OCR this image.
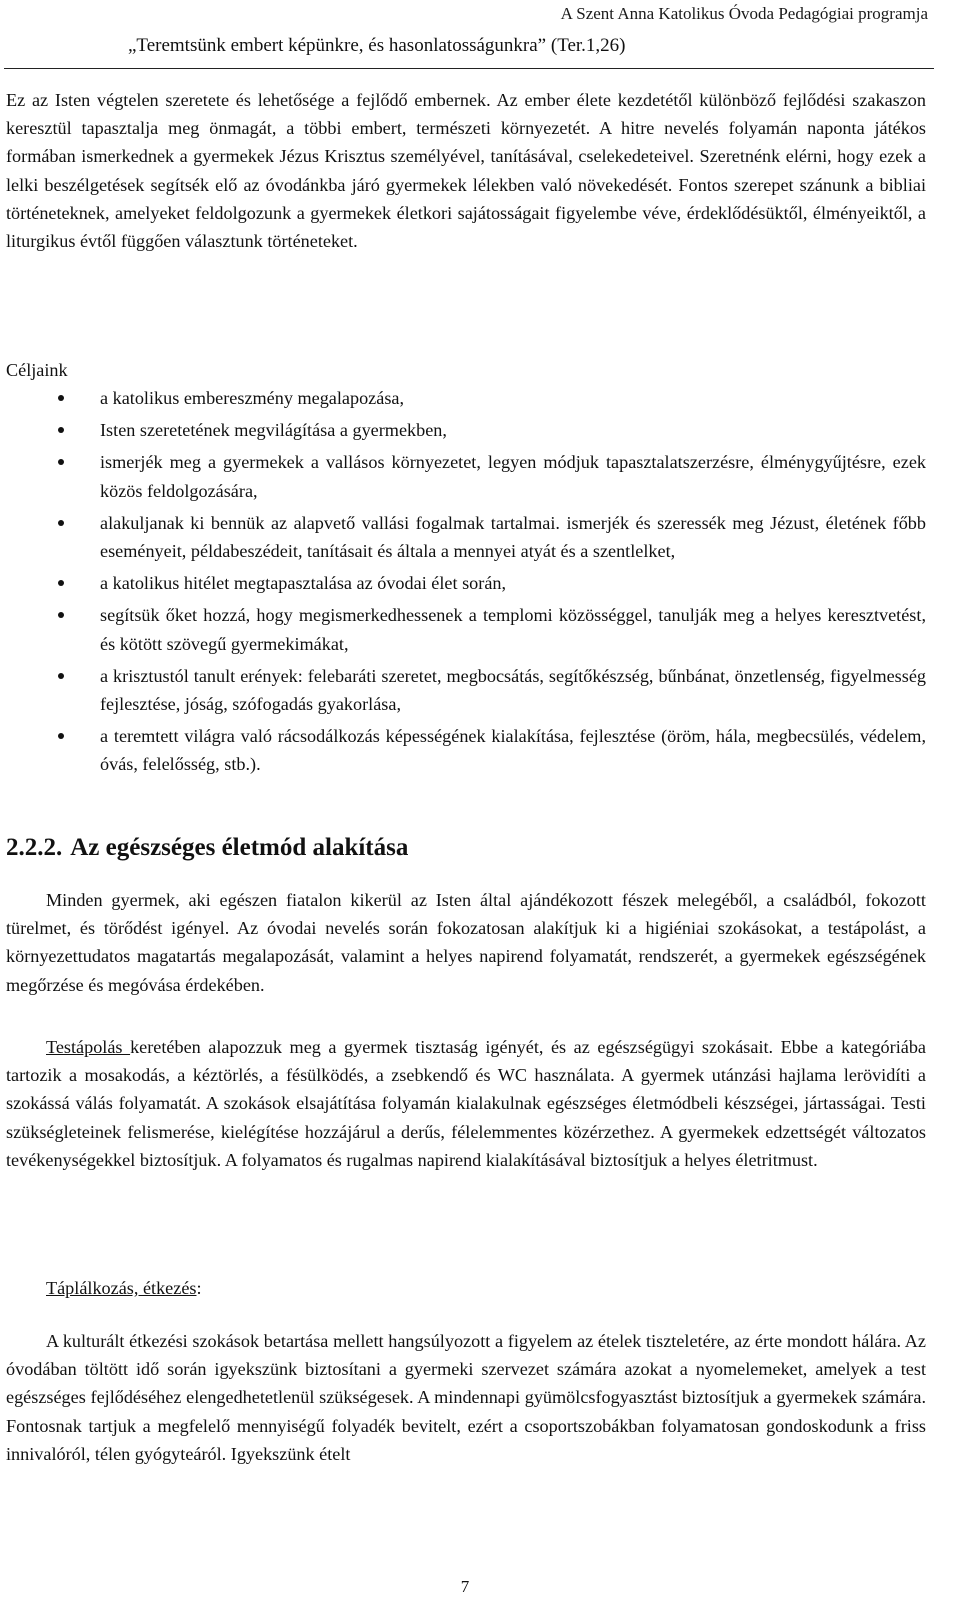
A Szent Anna Katolikus Óvoda Pedagógiai programja
„Teremtsünk embert képünkre, és hasonlatosságunkra” (Ter.1,26)

Ez az Isten végtelen szeretete és lehetősége a fejlődő embernek. Az ember élete kezdetétől különböző fejlődési szakaszon keresztül tapasztalja meg önmagát, a többi embert, természeti környezetét. A hitre nevelés folyamán naponta játékos formában ismerkednek a gyermekek Jézus Krisztus személyével, tanításával, cselekedeteivel. Szeretnénk elérni, hogy ezek a lelki beszélgetések segítsék elő az óvodánkba járó gyermekek lélekben való növekedését. Fontos szerepet szánunk a bibliai történeteknek, amelyeket feldolgozunk a gyermekek életkori sajátosságait figyelembe véve, érdeklődésüktől, élményeiktől, a liturgikus évtől függően választunk történeteket.

Céljaink
a katolikus embereszmény megalapozása,
Isten szeretetének megvilágítása a gyermekben,
ismerjék meg a gyermekek a vallásos környezetet, legyen módjuk tapasztalatszerzésre, élménygyűjtésre, ezek közös feldolgozására,
alakuljanak ki bennük az alapvető vallási fogalmak tartalmai. ismerjék és szeressék meg Jézust, életének főbb eseményeit, példabeszédeit, tanításait és általa a mennyei atyát és a szentlelket,
a katolikus hitélet megtapasztalása az óvodai élet során,
segítsük őket hozzá, hogy megismerkedhessenek a templomi közösséggel, tanulják meg a helyes keresztvetést, és kötött szövegű gyermekimákat,
a krisztustól tanult erények: felebaráti szeretet, megbocsátás, segítőkészség, bűnbánat, önzetlenség, figyelmesség fejlesztése, jóság, szófogadás gyakorlása,
a teremtett világra való rácsodálkozás képességének kialakítása, fejlesztése (öröm, hála, megbecsülés, védelem, óvás, felelősség, stb.).
2.2.2. Az egészséges életmód alakítása

Minden gyermek, aki egészen fiatalon kikerül az Isten által ajándékozott fészek melegéből, a családból, fokozott türelmet, és törődést igényel. Az óvodai nevelés során fokozatosan alakítjuk ki a higiéniai szokásokat, a testápolást, a környezettudatos magatartás megalapozását, valamint a helyes napirend folyamatát, rendszerét, a gyermekek egészségének megőrzése és megóvása érdekében.

Testápolás keretében alapozzuk meg a gyermek tisztaság igényét, és az egészségügyi szokásait. Ebbe a kategóriába tartozik a mosakodás, a kéztörlés, a fésülködés, a zsebkendő és WC használata. A gyermek utánzási hajlama lerövidíti a szokássá válás folyamatát. A szokások elsajátítása folyamán kialakulnak egészséges életmódbeli készségei, jártasságai. Testi szükségleteinek felismerése, kielégítése hozzájárul a derűs, félelemmentes közérzethez. A gyermekek edzettségét változatos tevékenységekkel biztosítjuk. A folyamatos és rugalmas napirend kialakításával biztosítjuk a helyes életritmust.

Táplálkozás, étkezés:

A kulturált étkezési szokások betartása mellett hangsúlyozott a figyelem az ételek tiszteletére, az érte mondott hálára. Az óvodában töltött idő során igyekszünk biztosítani a gyermeki szervezet számára azokat a nyomelemeket, amelyek a test egészséges fejlődéséhez elengedhetetlenül szükségesek. A mindennapi gyümölcsfogyasztást biztosítjuk a gyermekek számára. Fontosnak tartjuk a megfelelő mennyiségű folyadék bevitelt, ezért a csoportszobákban folyamatosan gondoskodunk a friss innivalóról, télen gyógyteáról. Igyekszünk ételt

7
